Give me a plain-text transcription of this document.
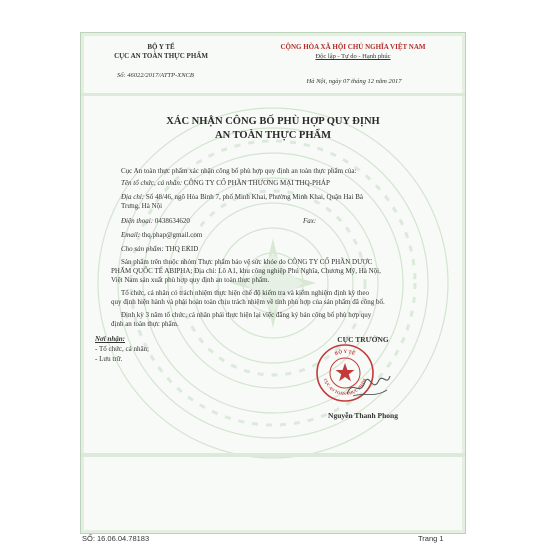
BỘ Y TẾ
CỤC AN TOÀN THỰC PHẨM
Số: 46022/2017/ATTP-XNCB
CỘNG HÒA XÃ HỘI CHỦ NGHĨA VIỆT NAM
Độc lập - Tự do - Hạnh phúc
Hà Nội, ngày 07 tháng 12 năm 2017
XÁC NHẬN CÔNG BỐ PHÙ HỢP QUY ĐỊNH
AN TOÀN THỰC PHẨM
Cục An toàn thực phẩm xác nhận công bố phù hợp quy định an toàn thực phẩm của:
Tên tổ chức, cá nhân: CÔNG TY CỔ PHẦN THƯƠNG MẠI THQ-PHÁP
Địa chỉ: Số 48/46, ngõ Hòa Bình 7, phố Minh Khai, Phường Minh Khai, Quận Hai Bà
Trưng, Hà Nội
Điện thoại: 0438634620	Fax:
Email: thq.phap@gmail.com
Cho sản phẩm: THQ EKID
Sản phẩm trên thuộc nhóm Thực phẩm bảo vệ sức khỏe do CÔNG TY CỔ PHẦN DƯỢC
PHẨM QUỐC TẾ ABIPHA; Địa chỉ: Lô A1, khu công nghiệp Phú Nghĩa, Chương Mỹ, Hà Nội,
Việt Nam sản xuất phù hợp quy định an toàn thực phẩm.
Tổ chức, cá nhân có trách nhiệm thực hiện chế độ kiểm tra và kiểm nghiệm định kỳ theo
quy định hiện hành và phải hoàn toàn chịu trách nhiệm về tính phù hợp của sản phẩm đã công bố.
Định kỳ 3 năm tổ chức, cá nhân phải thực hiện lại việc đăng ký bản công bố phù hợp quy
định an toàn thực phẩm.
Nơi nhận:
- Tổ chức, cá nhân;
- Lưu trữ.
CỤC TRƯỞNG
BỘ Y TẾ
CỤC AN TOÀN THỰC PHẨM
Nguyễn Thanh Phong
SỐ: 16.06.04.78183	Trang 1
